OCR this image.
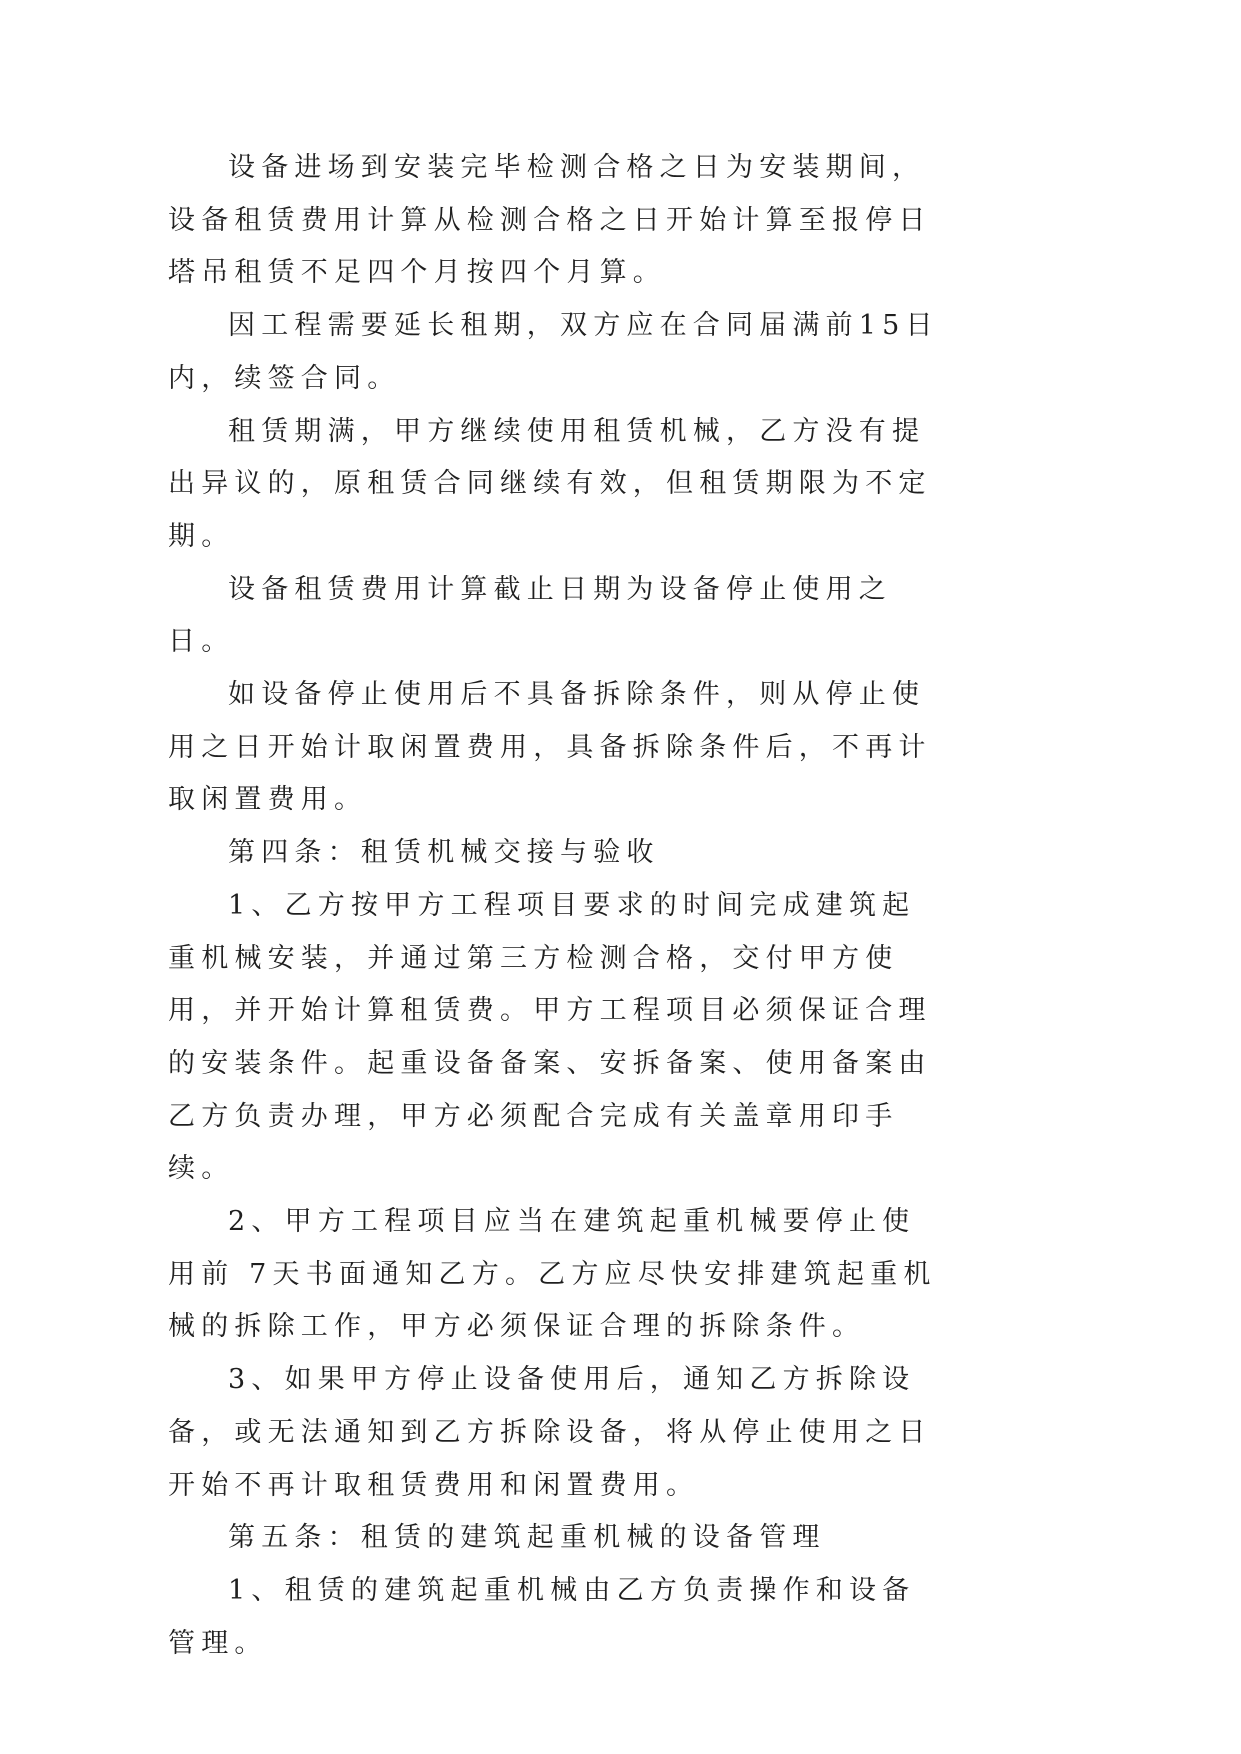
设备进场到安装完毕检测合格之日为安装期间，设备租赁费用计算从检测合格之日开始计算至报停日塔吊租赁不足四个月按四个月算。

因工程需要延长租期，双方应在合同届满前15日内，续签合同。

租赁期满，甲方继续使用租赁机械，乙方没有提出异议的，原租赁合同继续有效，但租赁期限为不定期。

设备租赁费用计算截止日期为设备停止使用之日。

如设备停止使用后不具备拆除条件，则从停止使用之日开始计取闲置费用，具备拆除条件后，不再计取闲置费用。

第四条：租赁机械交接与验收

1、乙方按甲方工程项目要求的时间完成建筑起重机械安装，并通过第三方检测合格，交付甲方使用，并开始计算租赁费。甲方工程项目必须保证合理的安装条件。起重设备备案、安拆备案、使用备案由乙方负责办理，甲方必须配合完成有关盖章用印手续。

2、甲方工程项目应当在建筑起重机械要停止使用前 7天书面通知乙方。乙方应尽快安排建筑起重机械的拆除工作，甲方必须保证合理的拆除条件。

3、如果甲方停止设备使用后，通知乙方拆除设备，或无法通知到乙方拆除设备，将从停止使用之日开始不再计取租赁费用和闲置费用。

第五条：租赁的建筑起重机械的设备管理

1、租赁的建筑起重机械由乙方负责操作和设备管理。
